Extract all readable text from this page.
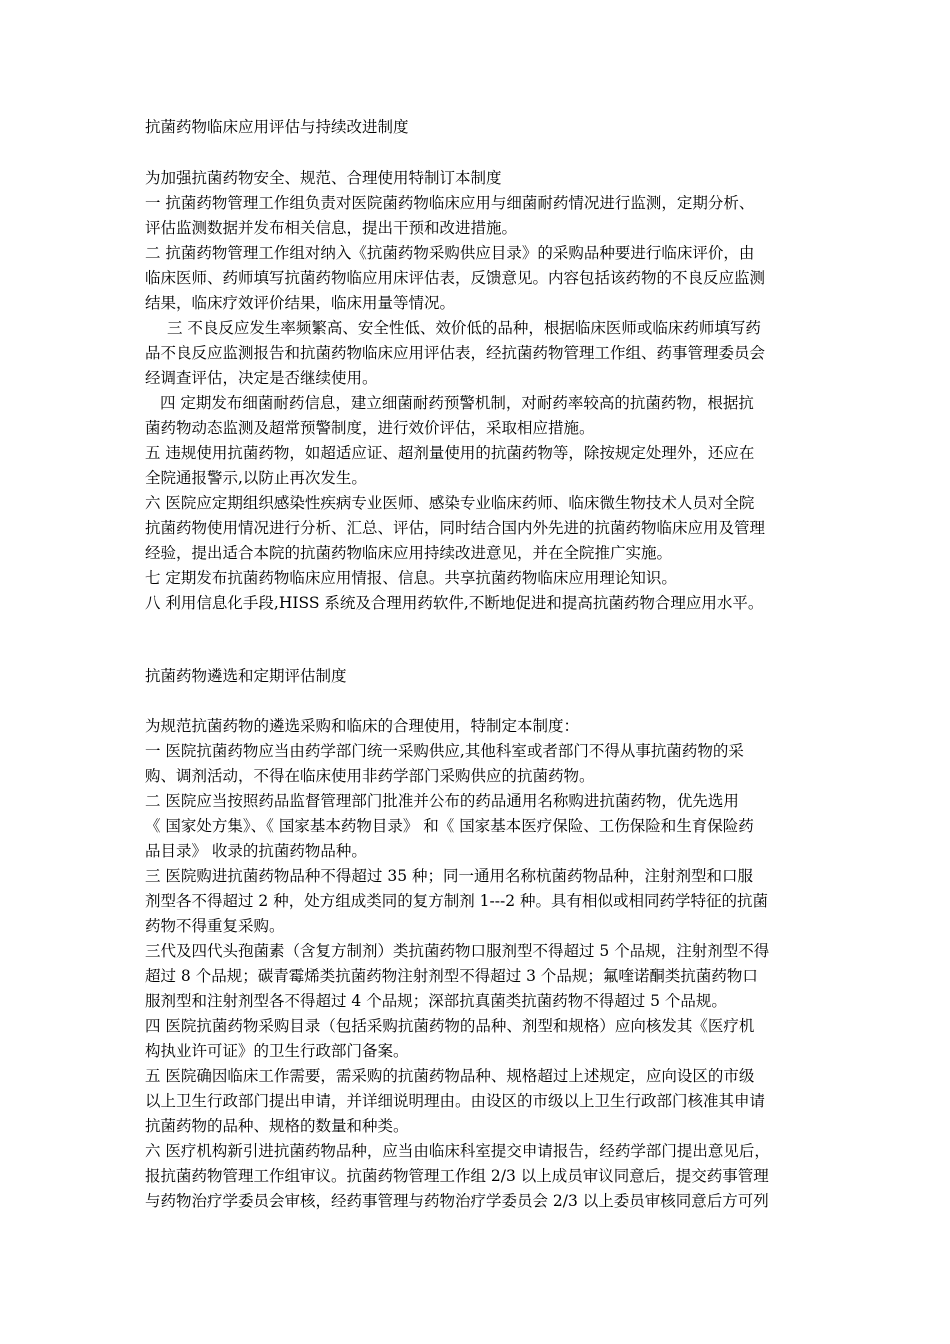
抗菌药物临床应用评估与持续改进制度
为加强抗菌药物安全、规范、合理使用特制订本制度
一 抗菌药物管理工作组负责对医院菌药物临床应用与细菌耐药情况进行监测，定期分析、
评估监测数据并发布相关信息，提出干预和改进措施。
二 抗菌药物管理工作组对纳入《抗菌药物采购供应目录》的采购品种要进行临床评价，由
临床医师、药师填写抗菌药物临应用床评估表，反馈意见。内容包括该药物的不良反应监测
结果，临床疗效评价结果，临床用量等情况。
三 不良反应发生率频繁高、安全性低、效价低的品种，根据临床医师或临床药师填写药
品不良反应监测报告和抗菌药物临床应用评估表，经抗菌药物管理工作组、药事管理委员会
经调查评估，决定是否继续使用。
四 定期发布细菌耐药信息，建立细菌耐药预警机制，对耐药率较高的抗菌药物，根据抗
菌药物动态监测及超常预警制度，进行效价评估，采取相应措施。
五 违规使用抗菌药物，如超适应证、超剂量使用的抗菌药物等，除按规定处理外，还应在
全院通报警示,以防止再次发生。
六 医院应定期组织感染性疾病专业医师、感染专业临床药师、临床微生物技术人员对全院
抗菌药物使用情况进行分析、汇总、评估，同时结合国内外先进的抗菌药物临床应用及管理
经验，提出适合本院的抗菌药物临床应用持续改进意见，并在全院推广实施。
七 定期发布抗菌药物临床应用情报、信息。共享抗菌药物临床应用理论知识。
八 利用信息化手段,HISS 系统及合理用药软件,不断地促进和提高抗菌药物合理应用水平。
抗菌药物遴选和定期评估制度
为规范抗菌药物的遴选采购和临床的合理使用，特制定本制度：
一 医院抗菌药物应当由药学部门统一采购供应,其他科室或者部门不得从事抗菌药物的采
购、调剂活动，不得在临床使用非药学部门采购供应的抗菌药物。
二 医院应当按照药品监督管理部门批准并公布的药品通用名称购进抗菌药物，优先选用
《 国家处方集》、《 国家基本药物目录》 和《 国家基本医疗保险、工伤保险和生育保险药
品目录》 收录的抗菌药物品种。
三 医院购进抗菌药物品种不得超过 35 种；同一通用名称杭菌药物品种，注射剂型和口服
剂型各不得超过 2 种，处方组成类同的复方制剂 1---2 种。具有相似或相同药学特征的抗菌
药物不得重复采购。
三代及四代头孢菌素（含复方制剂）类抗菌药物口服剂型不得超过 5 个品规，注射剂型不得
超过 8 个品规；碳青霉烯类抗菌药物注射剂型不得超过 3 个品规；氟喹诺酮类抗菌药物口
服剂型和注射剂型各不得超过 4 个品规；深部抗真菌类抗菌药物不得超过 5 个品规。
四 医院抗菌药物采购目录（包括采购抗菌药物的品种、剂型和规格）应向核发其《医疗机
构执业许可证》的卫生行政部门备案。
五 医院确因临床工作需要，需采购的抗菌药物品种、规格超过上述规定，应向设区的市级
以上卫生行政部门提出申请，并详细说明理由。由设区的市级以上卫生行政部门核准其申请
抗菌药物的品种、规格的数量和种类。
六 医疗机构新引进抗菌药物品种，应当由临床科室提交申请报告，经药学部门提出意见后，
报抗菌药物管理工作组审议。抗菌药物管理工作组 2/3 以上成员审议同意后，提交药事管理
与药物治疗学委员会审核，经药事管理与药物治疗学委员会 2/3 以上委员审核同意后方可列
